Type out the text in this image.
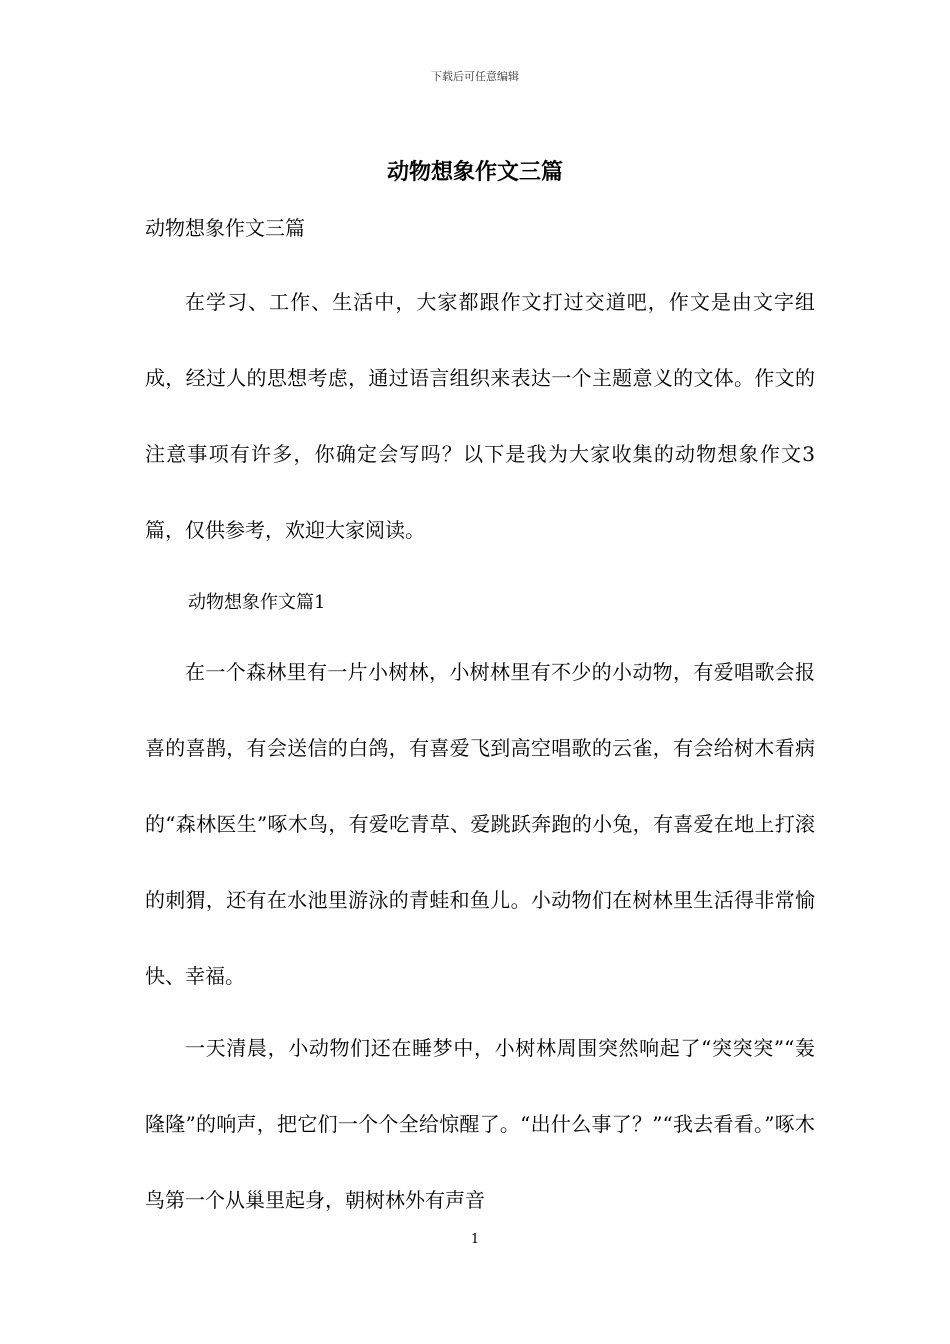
下载后可任意编辑
动物想象作文三篇
动物想象作文三篇

在学习、工作、生活中，大家都跟作文打过交道吧，作文是由文字组成，经过人的思想考虑，通过语言组织来表达一个主题意义的文体。作文的注意事项有许多，你确定会写吗？以下是我为大家收集的动物想象作文3篇，仅供参考，欢迎大家阅读。

动物想象作文篇1

在一个森林里有一片小树林，小树林里有不少的小动物，有爱唱歌会报喜的喜鹊，有会送信的白鸽，有喜爱飞到高空唱歌的云雀，有会给树木看病的“森林医生”啄木鸟，有爱吃青草、爱跳跃奔跑的小兔，有喜爱在地上打滚的刺猬，还有在水池里游泳的青蛙和鱼儿。小动物们在树林里生活得非常愉快、幸福。

一天清晨，小动物们还在睡梦中，小树林周围突然响起了“突突突”“轰隆隆”的响声，把它们一个个全给惊醒了。“出什么事了？”“我去看看。”啄木鸟第一个从巢里起身，朝树林外有声音

1
